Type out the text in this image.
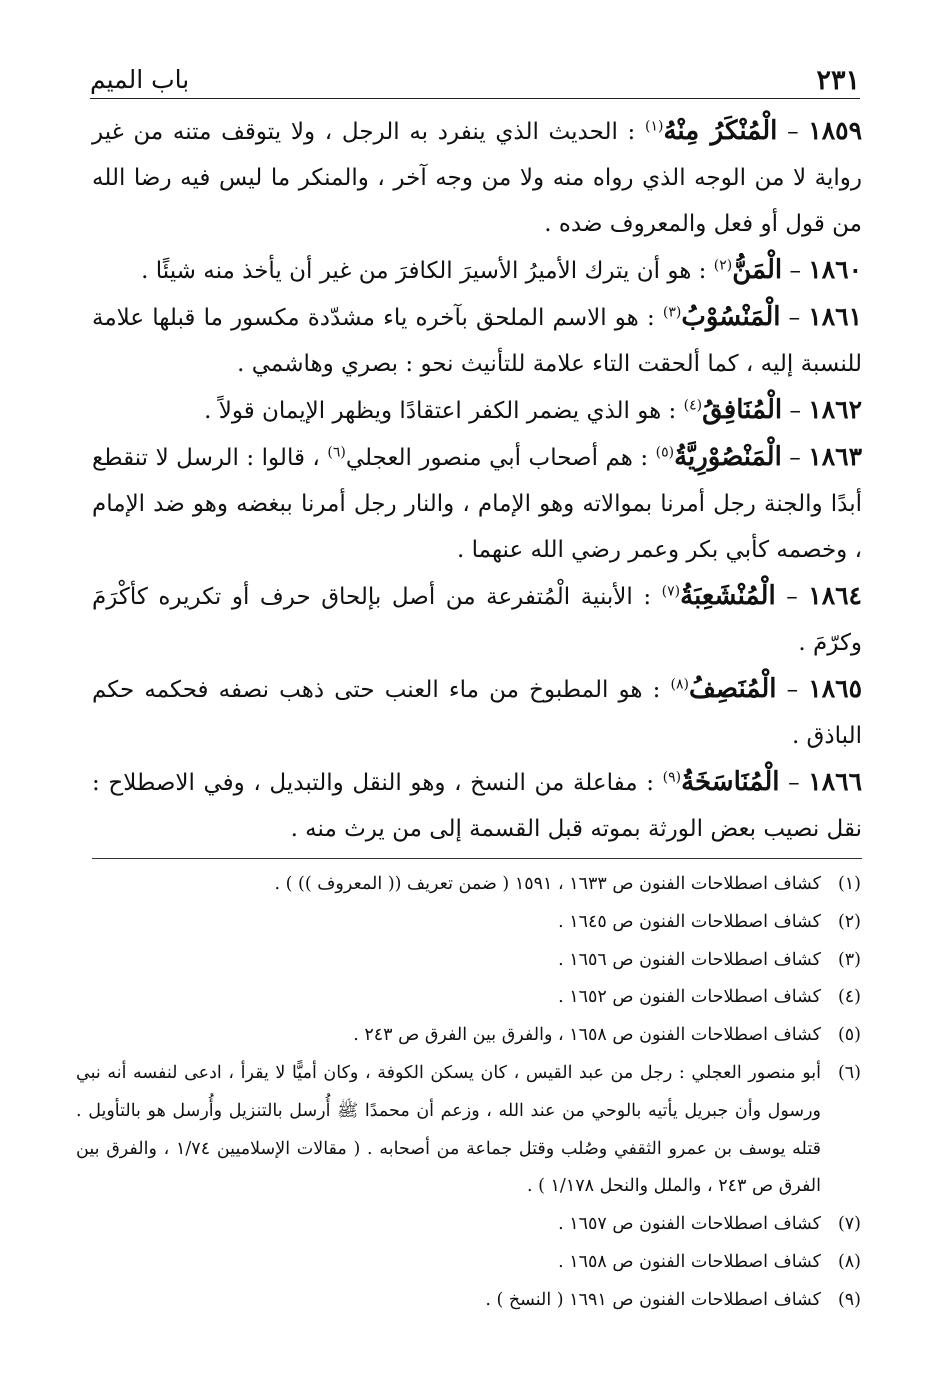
٢٣١
باب الميم

١٨٥٩ – الْمُنْكَرُ مِنْهُ$^{(١)}$ : الحديث الذي ينفرد به الرجل ، ولا يتوقف متنه من غير رواية لا من الوجه الذي رواه منه ولا من وجه آخر ، والمنكر ما ليس فيه رضا الله من قول أو فعل والمعروف ضده .

١٨٦٠ – الْمَنُّ$^{(٢)}$ : هو أن يترك الأميرُ الأسيرَ الكافرَ من غير أن يأخذ منه شيئًا .

١٨٦١ – الْمَنْسُوْبُ$^{(٣)}$ : هو الاسم الملحق بآخره ياء مشدّدة مكسور ما قبلها علامة للنسبة إليه ، كما ألحقت التاء علامة للتأنيث نحو : بصري وهاشمي .

١٨٦٢ – الْمُنَافِقُ$^{(٤)}$ : هو الذي يضمر الكفر اعتقادًا ويظهر الإيمان قولاً .

١٨٦٣ – الْمَنْصُوْرِيَّةُ$^{(٥)}$ : هم أصحاب أبي منصور العجلي$^{(٦)}$ ، قالوا : الرسل لا تنقطع أبدًا والجنة رجل أمرنا بموالاته وهو الإمام ، والنار رجل أمرنا ببغضه وهو ضد الإمام ، وخصمه كأبي بكر وعمر رضي الله عنهما .

١٨٦٤ – الْمُنْشَعِبَةُ$^{(٧)}$ : الأبنية الْمُتفرعة من أصل بإلحاق حرف أو تكريره كأكْرَمَ وكرّمَ .

١٨٦٥ – الْمُنَصِفُ$^{(٨)}$ : هو المطبوخ من ماء العنب حتى ذهب نصفه فحكمه حكم الباذق .

١٨٦٦ – الْمُنَاسَخَةُ$^{(٩)}$ : مفاعلة من النسخ ، وهو النقل والتبديل ، وفي الاصطلاح : نقل نصيب بعض الورثة بموته قبل القسمة إلى من يرث منه .

(١)
كشاف اصطلاحات الفنون ص ١٦٣٣ ، ١٥٩١ ( ضمن تعريف (( المعروف )) ) .

(٢)
كشاف اصطلاحات الفنون ص ١٦٤٥ .

(٣)
كشاف اصطلاحات الفنون ص ١٦٥٦ .

(٤)
كشاف اصطلاحات الفنون ص ١٦٥٢ .

(٥)
كشاف اصطلاحات الفنون ص ١٦٥٨ ، والفرق بين الفرق ص ٢٤٣ .

(٦)
أبو منصور العجلي : رجل من عبد القيس ، كان يسكن الكوفة ، وكان أميًّا لا يقرأ ، ادعى لنفسه أنه نبي ورسول وأن جبريل يأتيه بالوحي من عند الله ، وزعم أن محمدًا ﷺ أُرسل بالتنزيل وأُرسل هو بالتأويل . قتله يوسف بن عمرو الثقفي وصُلب وقتل جماعة من أصحابه . ( مقالات الإسلاميين ١/٧٤ ، والفرق بين الفرق ص ٢٤٣ ، والملل والنحل ١/١٧٨ ) .

(٧)
كشاف اصطلاحات الفنون ص ١٦٥٧ .

(٨)
كشاف اصطلاحات الفنون ص ١٦٥٨ .

(٩)
كشاف اصطلاحات الفنون ص ١٦٩١ ( النسخ ) .
